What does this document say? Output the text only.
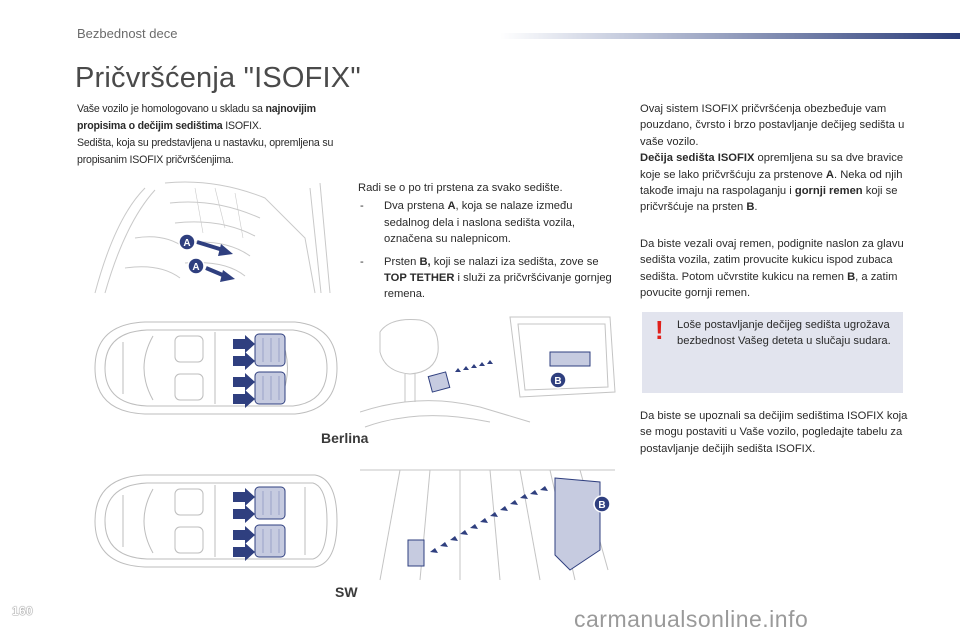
Bezbednost dece
Pričvršćenja "ISOFIX"
Vaše vozilo je homologovano u skladu sa najnovijim propisima o dečijim sedištima ISOFIX.
Sedišta, koja su predstavljena u nastavku, opremljena su propisanim ISOFIX pričvršćenjima.
A
A
Radi se o po tri prstena za svako sedište.
- Dva prstena A, koja se nalaze između sedalnog dela i naslona sedišta vozila, označena su nalepnicom.
- Prsten B, koji se nalazi iza sedišta, zove se TOP TETHER i služi za pričvršćivanje gornjeg remena.
Ovaj sistem ISOFIX pričvršćenja obezbeđuje vam pouzdano, čvrsto i brzo postavljanje dečijeg sedišta u vaše vozilo.
Dečija sedišta ISOFIX opremljena su sa dve bravice koje se lako pričvršćuju za prstenove A. Neka od njih takođe imaju na raspolaganju i gornji remen koji se pričvršćuje na prsten B.
Da biste vezali ovaj remen, podignite naslon za glavu sedišta vozila, zatim provucite kukicu ispod zubaca sedišta. Potom učvrstite kukicu na remen B, a zatim povucite gornji remen.
! Loše postavljanje dečijeg sedišta ugrožava bezbednost Vašeg deteta u slučaju sudara.
Da biste se upoznali sa dečijim sedištima ISOFIX koja se mogu postaviti u Vaše vozilo, pogledajte tabelu za postavljanje dečijih sedišta ISOFIX.
Berlina
B
SW
B
160	carmanualsonline.info
